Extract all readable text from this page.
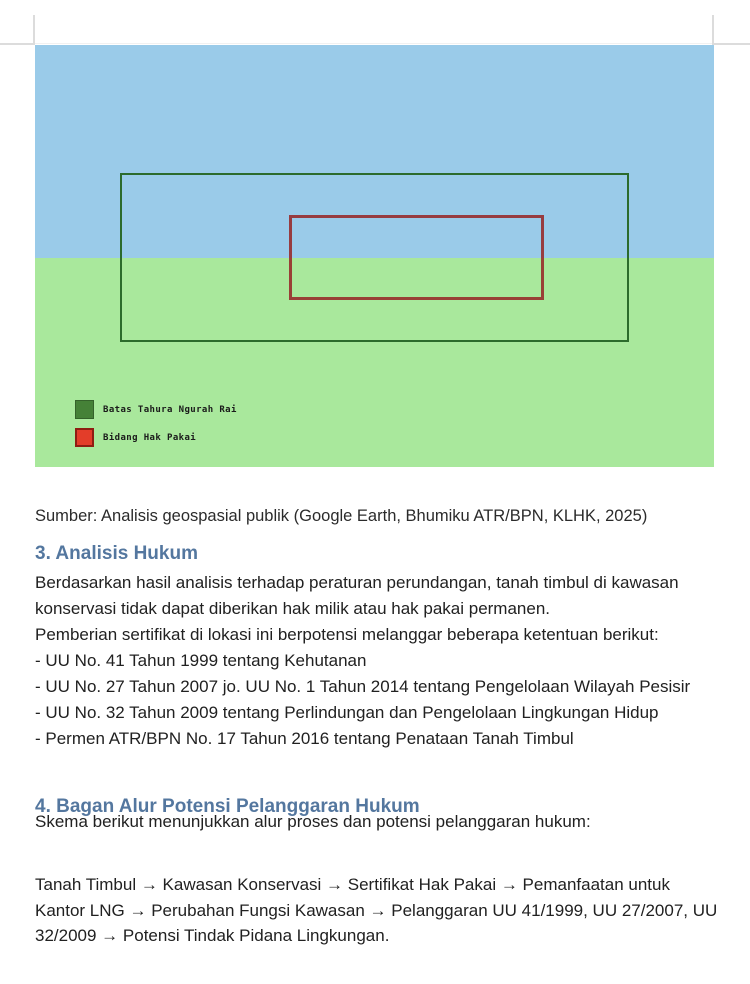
Batas Tahura Ngurah Rai
Bidang Hak Pakai

Sumber: Analisis geospasial publik (Google Earth, Bhumiku ATR/BPN, KLHK, 2025)

3. Analisis Hukum
Berdasarkan hasil analisis terhadap peraturan perundangan, tanah timbul di kawasan
konservasi tidak dapat diberikan hak milik atau hak pakai permanen.
Pemberian sertifikat di lokasi ini berpotensi melanggar beberapa ketentuan berikut:
- UU No. 41 Tahun 1999 tentang Kehutanan
- UU No. 27 Tahun 2007 jo. UU No. 1 Tahun 2014 tentang Pengelolaan Wilayah Pesisir
- UU No. 32 Tahun 2009 tentang Perlindungan dan Pengelolaan Lingkungan Hidup
- Permen ATR/BPN No. 17 Tahun 2016 tentang Penataan Tanah Timbul
4. Bagan Alur Potensi Pelanggaran Hukum
Skema berikut menunjukkan alur proses dan potensi pelanggaran hukum:
Tanah Timbul → Kawasan Konservasi → Sertifikat Hak Pakai → Pemanfaatan untuk
Kantor LNG → Perubahan Fungsi Kawasan → Pelanggaran UU 41/1999, UU 27/2007, UU
32/2009 → Potensi Tindak Pidana Lingkungan.
